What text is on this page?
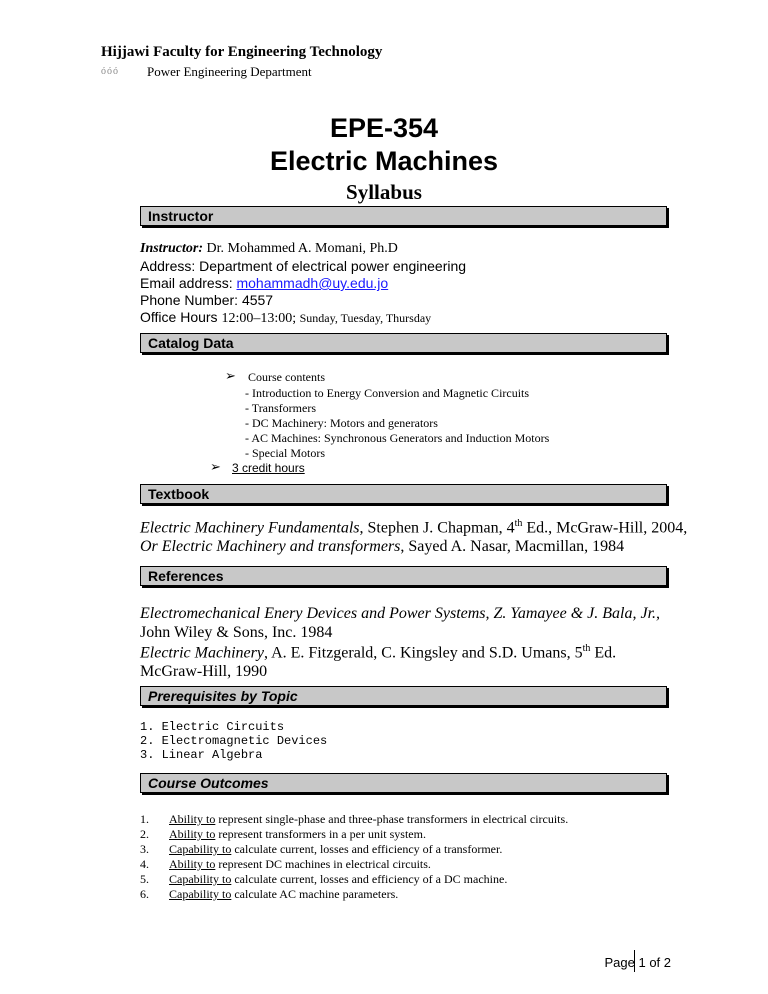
Hijjawi Faculty for Engineering Technology
óóó Power Engineering Department
EPE-354
Electric Machines
Syllabus
Instructor
Instructor: Dr. Mohammed A. Momani, Ph.D
Address: Department of electrical power engineering
Email address: mohammadh@uy.edu.jo
Phone Number: 4557
Office Hours 12:00–13:00; Sunday, Tuesday, Thursday
Catalog Data
➢ Course contents
- Introduction to Energy Conversion and Magnetic Circuits
- Transformers
- DC Machinery: Motors and generators
- AC Machines: Synchronous Generators and Induction Motors
- Special Motors
➢ 3 credit hours
Textbook
Electric Machinery Fundamentals, Stephen J. Chapman, 4th Ed., McGraw-Hill, 2004,
Or Electric Machinery and transformers, Sayed A. Nasar, Macmillan, 1984
References
Electromechanical Enery Devices and Power Systems, Z. Yamayee & J. Bala, Jr.,
John Wiley & Sons, Inc. 1984
Electric Machinery, A. E. Fitzgerald, C. Kingsley and S.D. Umans, 5th Ed.
McGraw-Hill, 1990
Prerequisites by Topic
1. Electric Circuits
2. Electromagnetic Devices
3. Linear Algebra
Course Outcomes
1. Ability to represent single-phase and three-phase transformers in electrical circuits.
2. Ability to represent transformers in a per unit system.
3. Capability to calculate current, losses and efficiency of a transformer.
4. Ability to represent DC machines in electrical circuits.
5. Capability to calculate current, losses and efficiency of a DC machine.
6. Capability to calculate AC machine parameters.
Page 1 of 2
